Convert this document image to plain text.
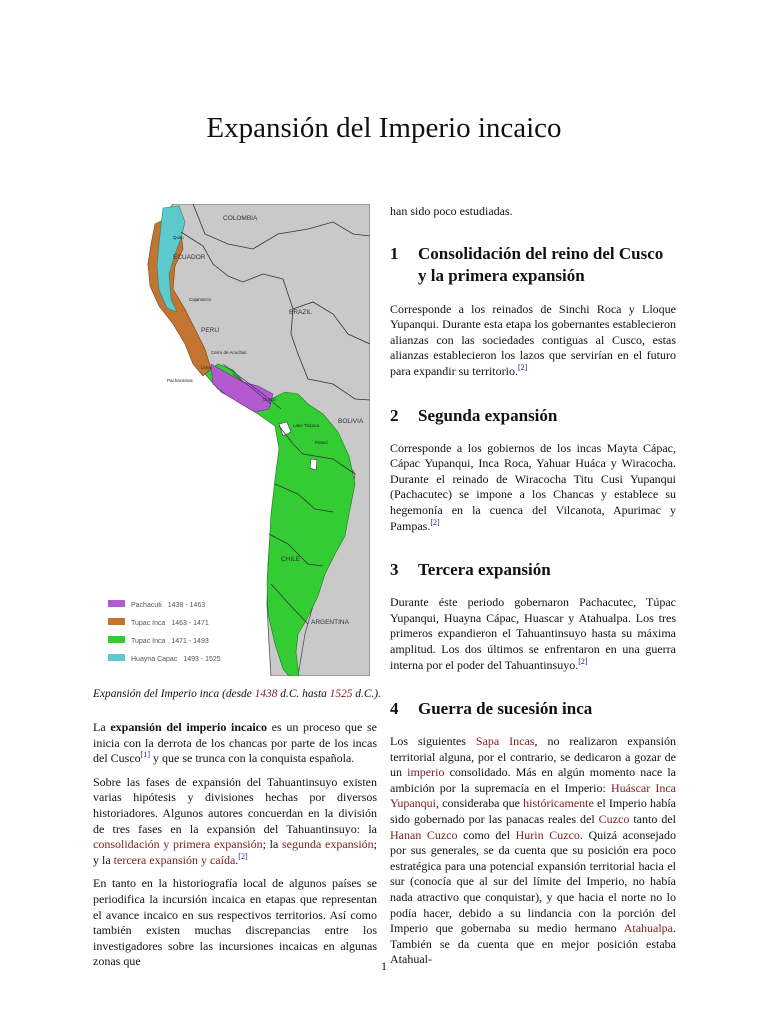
Expansión del Imperio incaico
COLOMBIA
ECUADOR
PERU
BRAZIL
BOLIVIA
CHILE
ARGENTINA
Quito
Cajamarca
Cuzco
Lake Titicaca
Pachacamac
Lima
Cerro de Acuchac
Potosí
Pachacuti 1438 - 1463
Tupac Inca 1463 - 1471
Tupac Inca 1471 - 1493
Huayna Capac 1493 - 1525

Expansión del Imperio inca (desde 1438 d.C. hasta 1525 d.C.).

La expansión del imperio incaico es un proceso que se inicia con la derrota de los chancas por parte de los incas del Cusco[1] y que se trunca con la conquista española.

Sobre las fases de expansión del Tahuantinsuyo existen varias hipótesis y divisiones hechas por diversos historiadores. Algunos autores concuerdan en la división de tres fases en la expansión del Tahuantinsuyo: la consolidación y primera expansión; la segunda expansión; y la tercera expansión y caída.[2]

En tanto en la historiografía local de algunos países se periodifica la incursión incaica en etapas que representan el avance incaico en sus respectivos territorios. Así como también existen muchas discrepancias entre los investigadores sobre las incursiones incaicas en algunas zonas que

han sido poco estudiadas.

1	Consolidación del reino del Cusco y la primera expansión

Corresponde a los reinados de Sinchi Roca y Lloque Yupanqui. Durante esta etapa los gobernantes establecieron alianzas con las sociedades contiguas al Cusco, estas alianzas establecieron los lazos que servirían en el futuro para expandir su territorio.[2]

2	Segunda expansión

Corresponde a los gobiernos de los incas Mayta Cápac, Cápac Yupanqui, Inca Roca, Yahuar Huáca y Wiracocha. Durante el reinado de Wiracocha Titu Cusi Yupanqui (Pachacutec) se impone a los Chancas y establece su hegemonía en la cuenca del Vilcanota, Apurimac y Pampas.[2]

3	Tercera expansión

Durante éste periodo gobernaron Pachacutec, Túpac Yupanqui, Huayna Cápac, Huascar y Atahualpa. Los tres primeros expandieron el Tahuantinsuyo hasta su máxima amplitud. Los dos últimos se enfrentaron en una guerra interna por el poder del Tahuantinsuyo.[2]

4	Guerra de sucesión inca

Los siguientes Sapa Incas, no realizaron expansión territorial alguna, por el contrario, se dedicaron a gozar de un imperio consolidado. Más en algún momento nace la ambición por la supremacía en el Imperio: Huáscar Inca Yupanqui, consideraba que históricamente el Imperio había sido gobernado por las panacas reales del Cuzco tanto del Hanan Cuzco como del Hurin Cuzco. Quizá aconsejado por sus generales, se da cuenta que su posición era poco estratégica para una potencial expansión territorial hacia el sur (conocía que al sur del límite del Imperio, no había nada atractivo que conquistar), y que hacia el norte no lo podía hacer, debido a su lindancia con la porción del Imperio que gobernaba su medio hermano Atahualpa. También se da cuenta que en mejor posición estaba Atahual-

1
